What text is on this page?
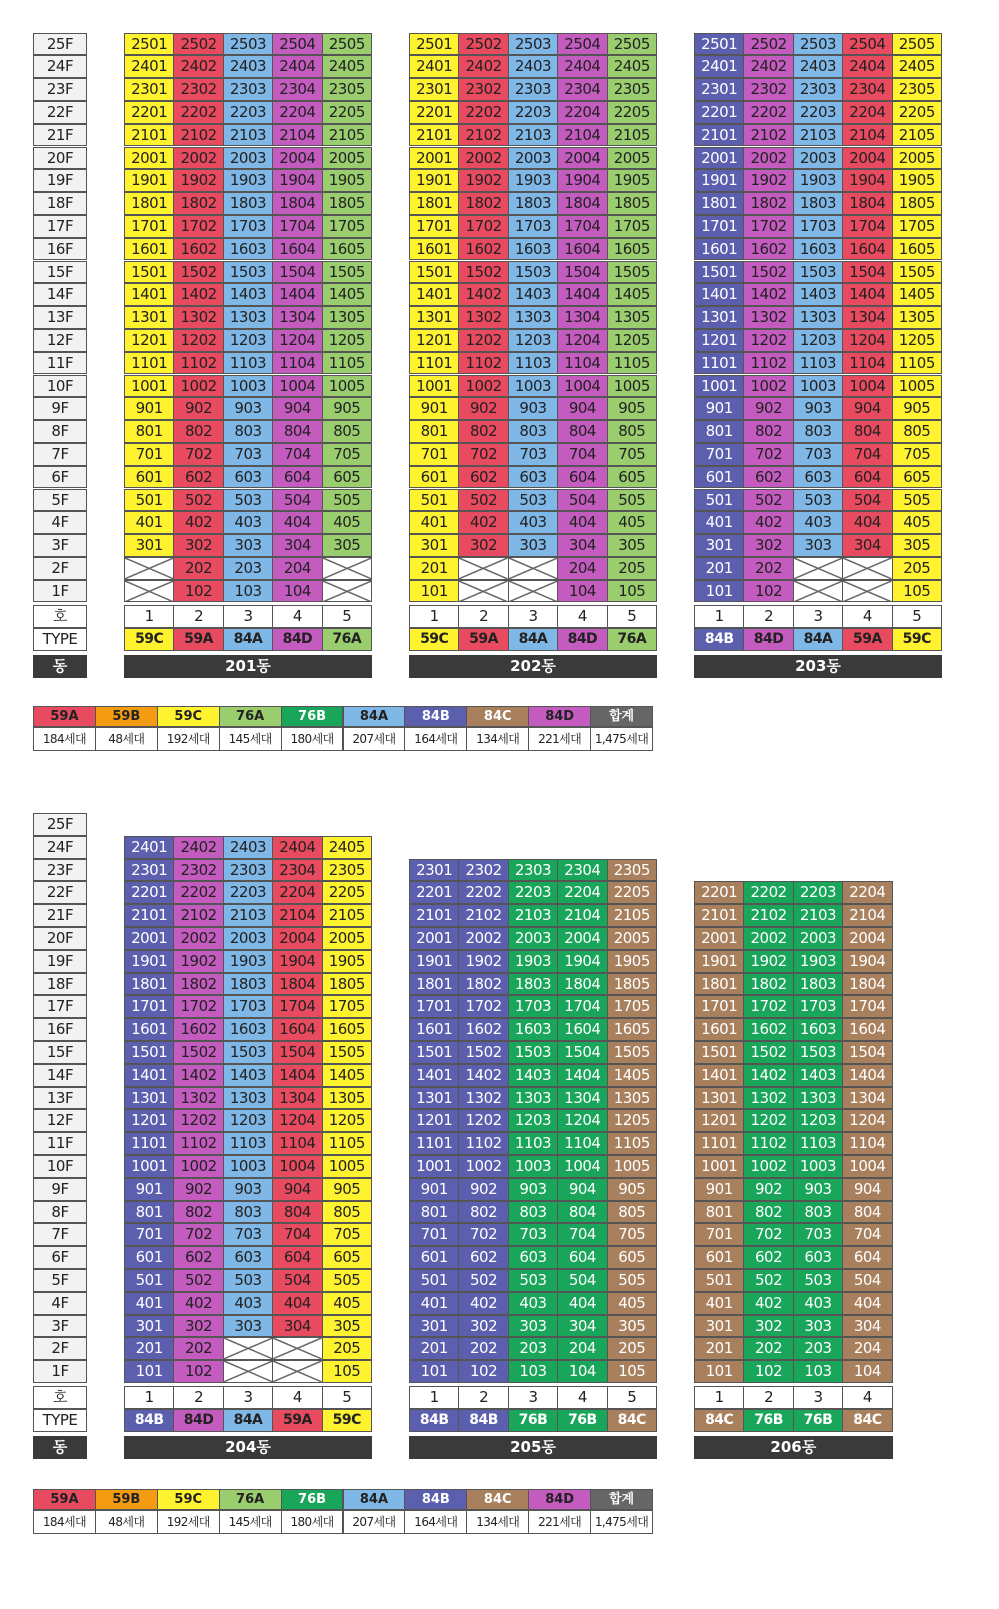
25F
24F
23F
22F
21F
20F
19F
18F
17F
16F
15F
14F
13F
12F
11F
10F
9F
8F
7F
6F
5F
4F
3F
2F
1F
호
TYPE
동
2501
2401
2301
2201
2101
2001
1901
1801
1701
1601
1501
1401
1301
1201
1101
1001
901
801
701
601
501
401
301
1
59C
2502
2402
2302
2202
2102
2002
1902
1802
1702
1602
1502
1402
1302
1202
1102
1002
902
802
702
602
502
402
302
202
102
2
59A
2503
2403
2303
2203
2103
2003
1903
1803
1703
1603
1503
1403
1303
1203
1103
1003
903
803
703
603
503
403
303
203
103
3
84A
2504
2404
2304
2204
2104
2004
1904
1804
1704
1604
1504
1404
1304
1204
1104
1004
904
804
704
604
504
404
304
204
104
4
84D
2505
2405
2305
2205
2105
2005
1905
1805
1705
1605
1505
1405
1305
1205
1105
1005
905
805
705
605
505
405
305
5
76A
201동
2501
2401
2301
2201
2101
2001
1901
1801
1701
1601
1501
1401
1301
1201
1101
1001
901
801
701
601
501
401
301
201
101
1
59C
2502
2402
2302
2202
2102
2002
1902
1802
1702
1602
1502
1402
1302
1202
1102
1002
902
802
702
602
502
402
302
2
59A
2503
2403
2303
2203
2103
2003
1903
1803
1703
1603
1503
1403
1303
1203
1103
1003
903
803
703
603
503
403
303
3
84A
2504
2404
2304
2204
2104
2004
1904
1804
1704
1604
1504
1404
1304
1204
1104
1004
904
804
704
604
504
404
304
204
104
4
84D
2505
2405
2305
2205
2105
2005
1905
1805
1705
1605
1505
1405
1305
1205
1105
1005
905
805
705
605
505
405
305
205
105
5
76A
202동
2501
2401
2301
2201
2101
2001
1901
1801
1701
1601
1501
1401
1301
1201
1101
1001
901
801
701
601
501
401
301
201
101
1
84B
2502
2402
2302
2202
2102
2002
1902
1802
1702
1602
1502
1402
1302
1202
1102
1002
902
802
702
602
502
402
302
202
102
2
84D
2503
2403
2303
2203
2103
2003
1903
1803
1703
1603
1503
1403
1303
1203
1103
1003
903
803
703
603
503
403
303
3
84A
2504
2404
2304
2204
2104
2004
1904
1804
1704
1604
1504
1404
1304
1204
1104
1004
904
804
704
604
504
404
304
4
59A
2505
2405
2305
2205
2105
2005
1905
1805
1705
1605
1505
1405
1305
1205
1105
1005
905
805
705
605
505
405
305
205
105
5
59C
203동
59A
184세대
59B
48세대
59C
192세대
76A
145세대
76B
180세대
84A
207세대
84B
164세대
84C
134세대
84D
221세대
합계
1,475세대
25F
24F
23F
22F
21F
20F
19F
18F
17F
16F
15F
14F
13F
12F
11F
10F
9F
8F
7F
6F
5F
4F
3F
2F
1F
호
TYPE
동
2401
2301
2201
2101
2001
1901
1801
1701
1601
1501
1401
1301
1201
1101
1001
901
801
701
601
501
401
301
201
101
1
84B
2402
2302
2202
2102
2002
1902
1802
1702
1602
1502
1402
1302
1202
1102
1002
902
802
702
602
502
402
302
202
102
2
84D
2403
2303
2203
2103
2003
1903
1803
1703
1603
1503
1403
1303
1203
1103
1003
903
803
703
603
503
403
303
3
84A
2404
2304
2204
2104
2004
1904
1804
1704
1604
1504
1404
1304
1204
1104
1004
904
804
704
604
504
404
304
4
59A
2405
2305
2205
2105
2005
1905
1805
1705
1605
1505
1405
1305
1205
1105
1005
905
805
705
605
505
405
305
205
105
5
59C
204동
2301
2201
2101
2001
1901
1801
1701
1601
1501
1401
1301
1201
1101
1001
901
801
701
601
501
401
301
201
101
1
84B
2302
2202
2102
2002
1902
1802
1702
1602
1502
1402
1302
1202
1102
1002
902
802
702
602
502
402
302
202
102
2
84B
2303
2203
2103
2003
1903
1803
1703
1603
1503
1403
1303
1203
1103
1003
903
803
703
603
503
403
303
203
103
3
76B
2304
2204
2104
2004
1904
1804
1704
1604
1504
1404
1304
1204
1104
1004
904
804
704
604
504
404
304
204
104
4
76B
2305
2205
2105
2005
1905
1805
1705
1605
1505
1405
1305
1205
1105
1005
905
805
705
605
505
405
305
205
105
5
84C
205동
2201
2101
2001
1901
1801
1701
1601
1501
1401
1301
1201
1101
1001
901
801
701
601
501
401
301
201
101
1
84C
2202
2102
2002
1902
1802
1702
1602
1502
1402
1302
1202
1102
1002
902
802
702
602
502
402
302
202
102
2
76B
2203
2103
2003
1903
1803
1703
1603
1503
1403
1303
1203
1103
1003
903
803
703
603
503
403
303
203
103
3
76B
2204
2104
2004
1904
1804
1704
1604
1504
1404
1304
1204
1104
1004
904
804
704
604
504
404
304
204
104
4
84C
206동
59A
184세대
59B
48세대
59C
192세대
76A
145세대
76B
180세대
84A
207세대
84B
164세대
84C
134세대
84D
221세대
합계
1,475세대
